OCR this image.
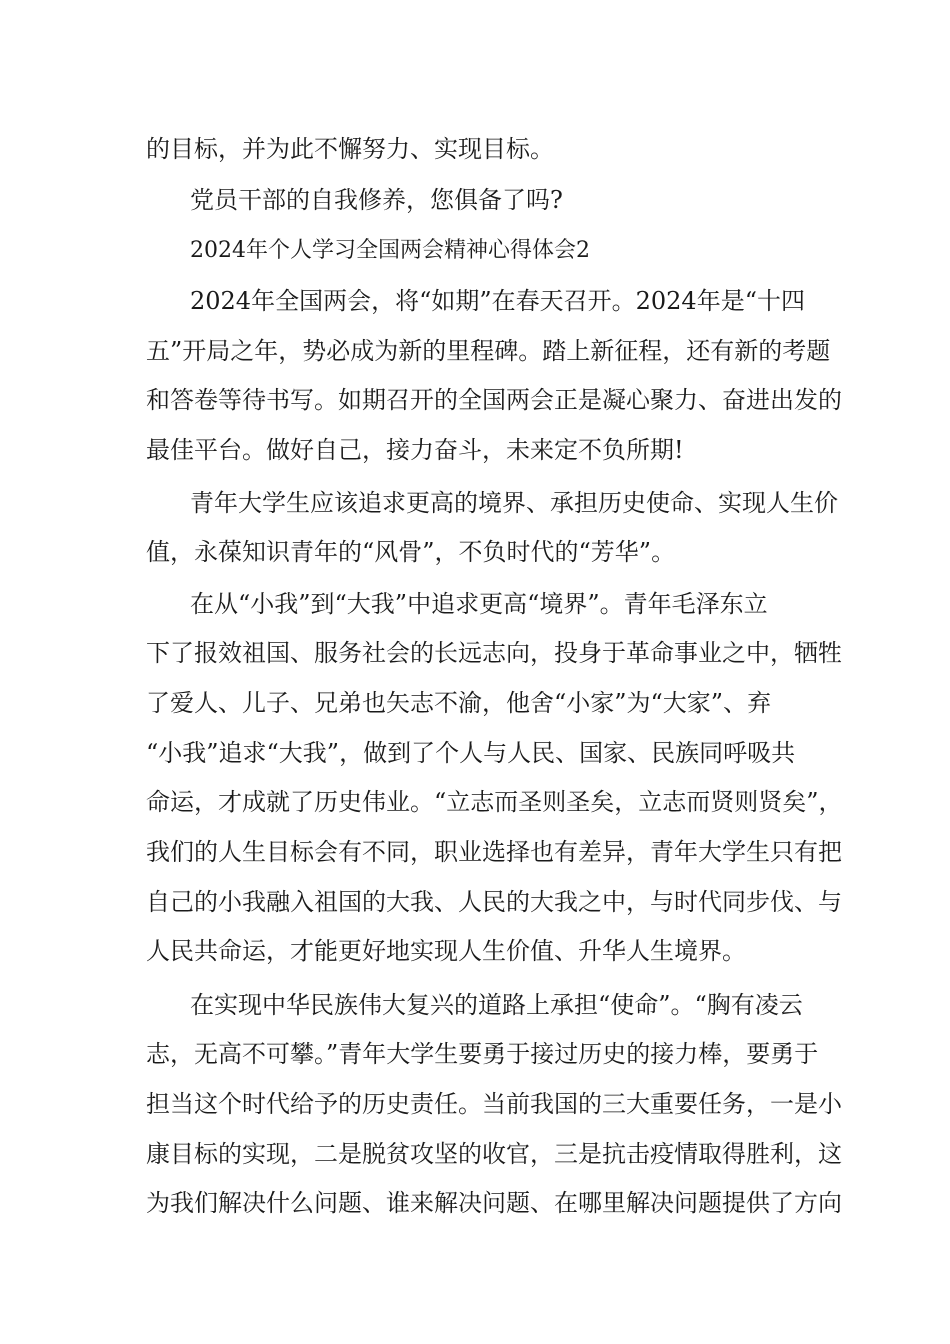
的目标，并为此不懈努力、实现目标。
党员干部的自我修养，您俱备了吗?
2024年个人学习全国两会精神心得体会2
2024年全国两会，将“如期”在春天召开。2024年是“十四
五”开局之年，势必成为新的里程碑。踏上新征程，还有新的考题
和答卷等待书写。如期召开的全国两会正是凝心聚力、奋进出发的
最佳平台。做好自己，接力奋斗，未来定不负所期!
青年大学生应该追求更高的境界、承担历史使命、实现人生价
值，永葆知识青年的“风骨”，不负时代的“芳华”。
在从“小我”到“大我”中追求更高“境界”。青年毛泽东立
下了报效祖国、服务社会的长远志向，投身于革命事业之中，牺牲
了爱人、儿子、兄弟也矢志不渝，他舍“小家”为“大家”、弃
“小我”追求“大我”，做到了个人与人民、国家、民族同呼吸共
命运，才成就了历史伟业。“立志而圣则圣矣，立志而贤则贤矣”，
我们的人生目标会有不同，职业选择也有差异，青年大学生只有把
自己的小我融入祖国的大我、人民的大我之中，与时代同步伐、与
人民共命运，才能更好地实现人生价值、升华人生境界。
在实现中华民族伟大复兴的道路上承担“使命”。“胸有凌云
志，无高不可攀。”青年大学生要勇于接过历史的接力棒，要勇于
担当这个时代给予的历史责任。当前我国的三大重要任务，一是小
康目标的实现，二是脱贫攻坚的收官，三是抗击疫情取得胜利，这
为我们解决什么问题、谁来解决问题、在哪里解决问题提供了方向
